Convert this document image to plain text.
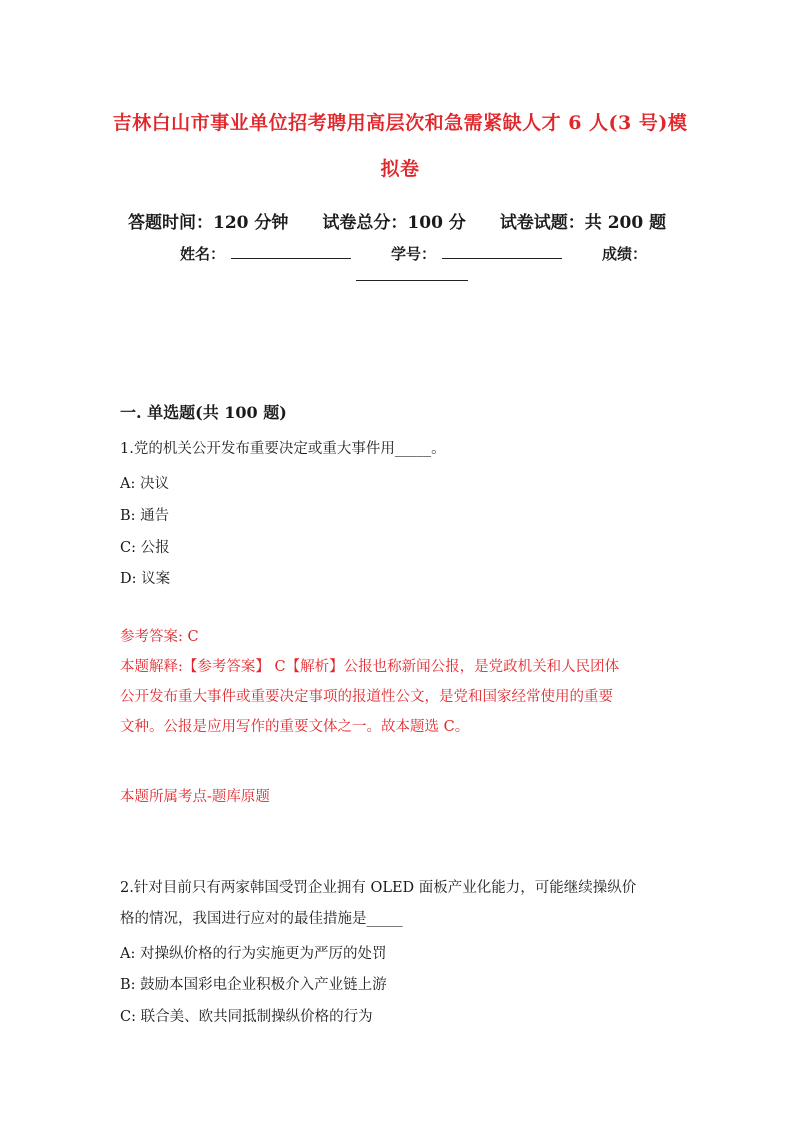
吉林白山市事业单位招考聘用高层次和急需紧缺人才 6 人(3 号)模
拟卷
答题时间：120 分钟 试卷总分：100 分 试卷试题：共 200 题
姓名：	学号：	成绩：
一. 单选题(共 100 题)
1.党的机关公开发布重要决定或重大事件用_____。
A: 决议
B: 通告
C: 公报
D: 议案
参考答案: C
本题解释:【参考答案】 C【解析】公报也称新闻公报，是党政机关和人民团体
公开发布重大事件或重要决定事项的报道性公文，是党和国家经常使用的重要
文种。公报是应用写作的重要文体之一。故本题选 C。
本题所属考点-题库原题
2.针对目前只有两家韩国受罚企业拥有 OLED 面板产业化能力，可能继续操纵价
格的情况，我国进行应对的最佳措施是_____
A: 对操纵价格的行为实施更为严厉的处罚
B: 鼓励本国彩电企业积极介入产业链上游
C: 联合美、欧共同抵制操纵价格的行为
